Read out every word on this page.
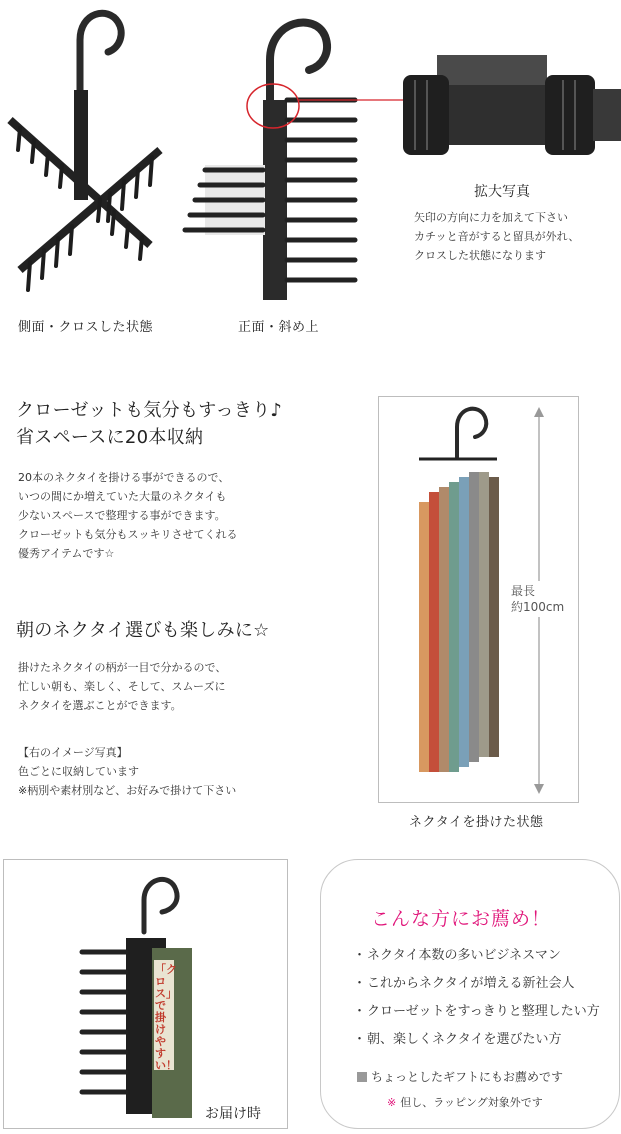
側面・クロスした状態	正面・斜め上
拡大写真
矢印の方向に力を加えて下さい
カチッと音がすると留具が外れ、
クロスした状態になります
クローゼットも気分もすっきり♪
省スペースに20本収納
20本のネクタイを掛ける事ができるので、
いつの間にか増えていた大量のネクタイも
少ないスペースで整理する事ができます。
クローゼットも気分もスッキリさせてくれる
優秀アイテムです☆
朝のネクタイ選びも楽しみに☆
掛けたネクタイの柄が一目で分かるので、
忙しい朝も、楽しく、そして、スムーズに
ネクタイを選ぶことができます。
【右のイメージ写真】
色ごとに収納しています
※柄別や素材別など、お好みで掛けて下さい
最長
約100cm
ネクタイを掛けた状態
「クロス」で掛けやすい！
お届け時
こんな方にお薦め！
・ネクタイ本数の多いビジネスマン
・これからネクタイが増える新社会人
・クローゼットをすっきりと整理したい方
・朝、楽しくネクタイを選びたい方
ちょっとしたギフトにもお薦めです
※ 但し、ラッピング対象外です
